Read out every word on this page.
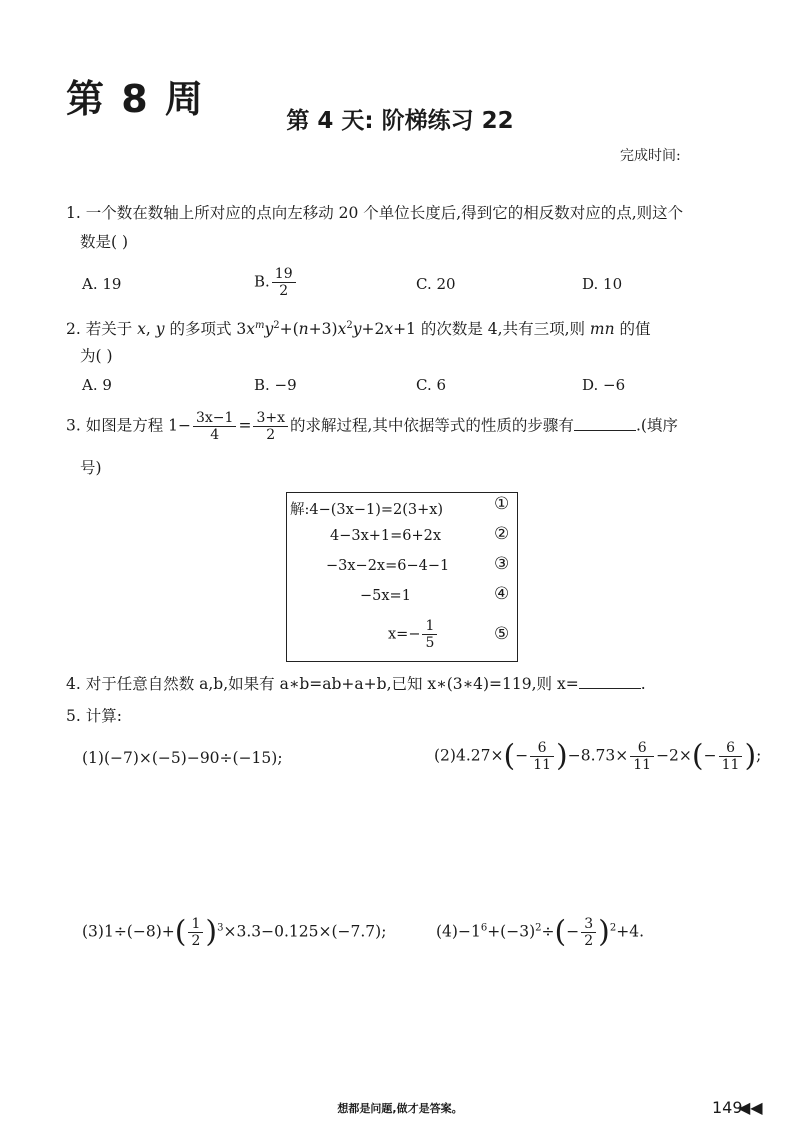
第 8 周	第 4 天: 阶梯练习 22
完成时间:
1. 一个数在数轴上所对应的点向左移动 20 个单位长度后,得到它的相反数对应的点,则这个
数是( )
A. 19	B. $\frac{19}{2}$	C. 20	D. 10
2. 若关于 x, y 的多项式 $3x^my^2+(n+3)x^2y+2x+1$ 的次数是 4,共有三项,则 mn 的值
为( )
A. 9	B. −9	C. 6	D. −6
3. 如图是方程 $1- \frac{3x-1}{4} = \frac{3+x}{2}$ 的求解过程,其中依据等式的性质的步骤有	.(填序
号)
解:4−(3x−1)=2(3+x)
4−3x+1=6+2x
−3x−2x=6−4−1
−5x=1
$x=- \frac{1}{5}$
①
②
③
④
⑤
4. 对于任意自然数 a,b,如果有 a∗b=ab+a+b,已知 x∗(3∗4)=119,则 x=	.
5. 计算:
(1)(−7)×(−5)−90÷(−15);	$(2)4.27\times(- \frac{6}{11} )-8.73\times \frac{6}{11} -2\times(- \frac{6}{11}$ );
$(3)1\div(-8)+( \frac{1}{2} )^3\times 3.3-0.125\times(-7.7)$;	$(4)-1^6+(-3)^2\div(- \frac{3}{2} )^2+4$.
想都是问题,做才是答案。	149
◀◀
